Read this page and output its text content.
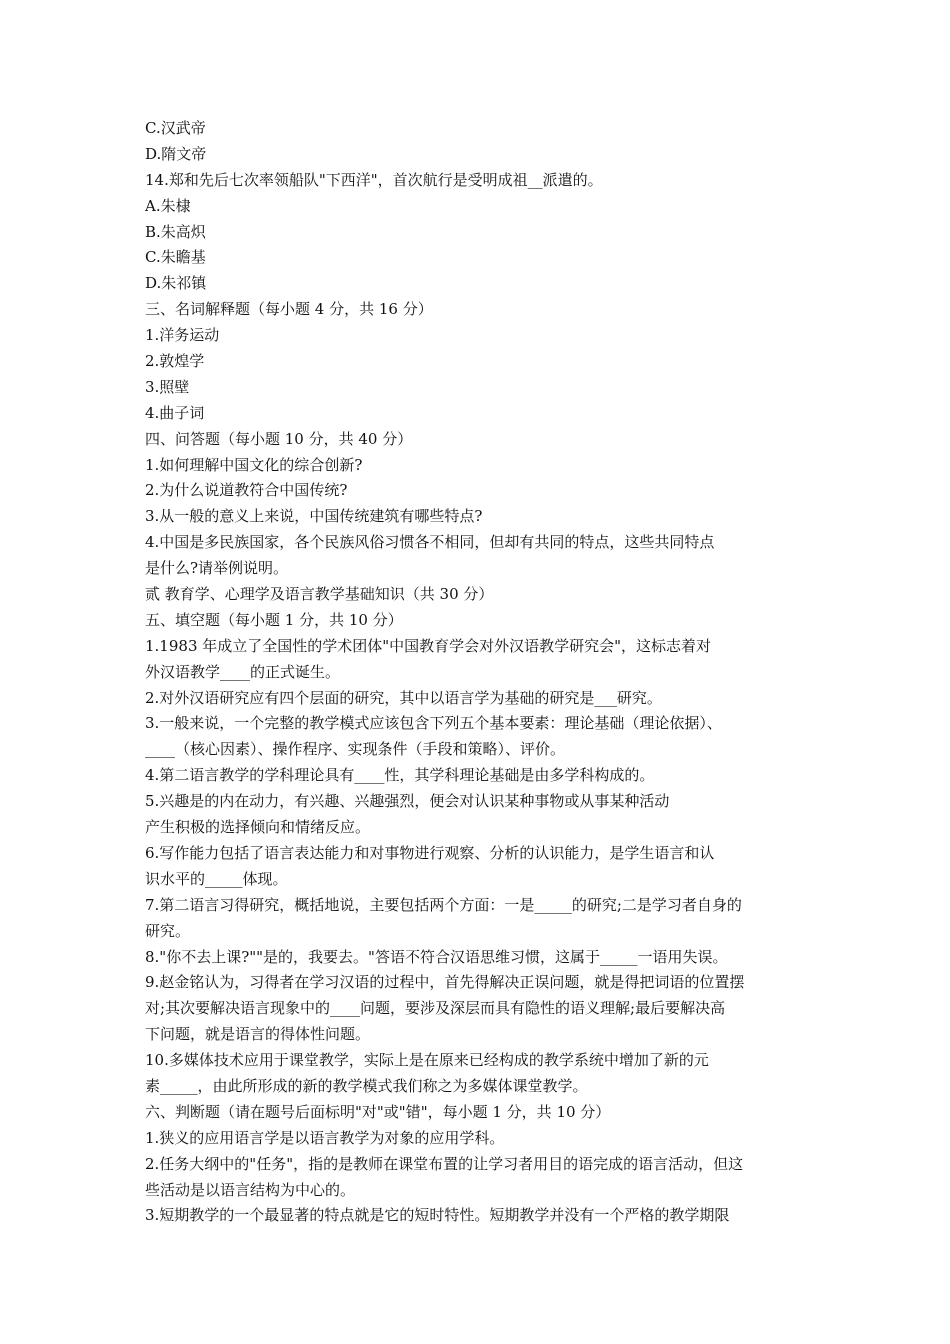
C.汉武帝
D.隋文帝
14.郑和先后七次率领船队"下西洋"，首次航行是受明成祖__派遣的。
A.朱棣
B.朱高炽
C.朱瞻基
D.朱祁镇
三、名词解释题（每小题 4 分，共 16 分）
1.洋务运动
2.敦煌学
3.照壁
4.曲子词
四、问答题（每小题 10 分，共 40 分）
1.如何理解中国文化的综合创新?
2.为什么说道教符合中国传统?
3.从一般的意义上来说，中国传统建筑有哪些特点?
4.中国是多民族国家，各个民族风俗习惯各不相同，但却有共同的特点，这些共同特点
是什么?请举例说明。
贰 教育学、心理学及语言教学基础知识（共 30 分）
五、填空题（每小题 1 分，共 10 分）
1.1983 年成立了全国性的学术团体"中国教育学会对外汉语教学研究会"，这标志着对
外汉语教学____的正式诞生。
2.对外汉语研究应有四个层面的研究，其中以语言学为基础的研究是___研究。
3.一般来说，一个完整的教学模式应该包含下列五个基本要素：理论基础（理论依据）、
____（核心因素）、操作程序、实现条件（手段和策略）、评价。
4.第二语言教学的学科理论具有____性，其学科理论基础是由多学科构成的。
5.兴趣是的内在动力，有兴趣、兴趣强烈，便会对认识某种事物或从事某种活动
产生积极的选择倾向和情绪反应。
6.写作能力包括了语言表达能力和对事物进行观察、分析的认识能力，是学生语言和认
识水平的_____体现。
7.第二语言习得研究，概括地说，主要包括两个方面：一是_____的研究;二是学习者自身的
研究。
8."你不去上课?""是的，我要去。"答语不符合汉语思维习惯，这属于_____一语用失误。
9.赵金铭认为，习得者在学习汉语的过程中，首先得解决正误问题，就是得把词语的位置摆
对;其次要解决语言现象中的____问题，要涉及深层而具有隐性的语义理解;最后要解决高
下问题，就是语言的得体性问题。
10.多媒体技术应用于课堂教学，实际上是在原来已经构成的教学系统中增加了新的元
素_____，由此所形成的新的教学模式我们称之为多媒体课堂教学。
六、判断题（请在题号后面标明"对"或"错"，每小题 1 分，共 10 分）
1.狭义的应用语言学是以语言教学为对象的应用学科。
2.任务大纲中的"任务"，指的是教师在课堂布置的让学习者用目的语完成的语言活动，但这
些活动是以语言结构为中心的。
3.短期教学的一个最显著的特点就是它的短时特性。短期教学并没有一个严格的教学期限
